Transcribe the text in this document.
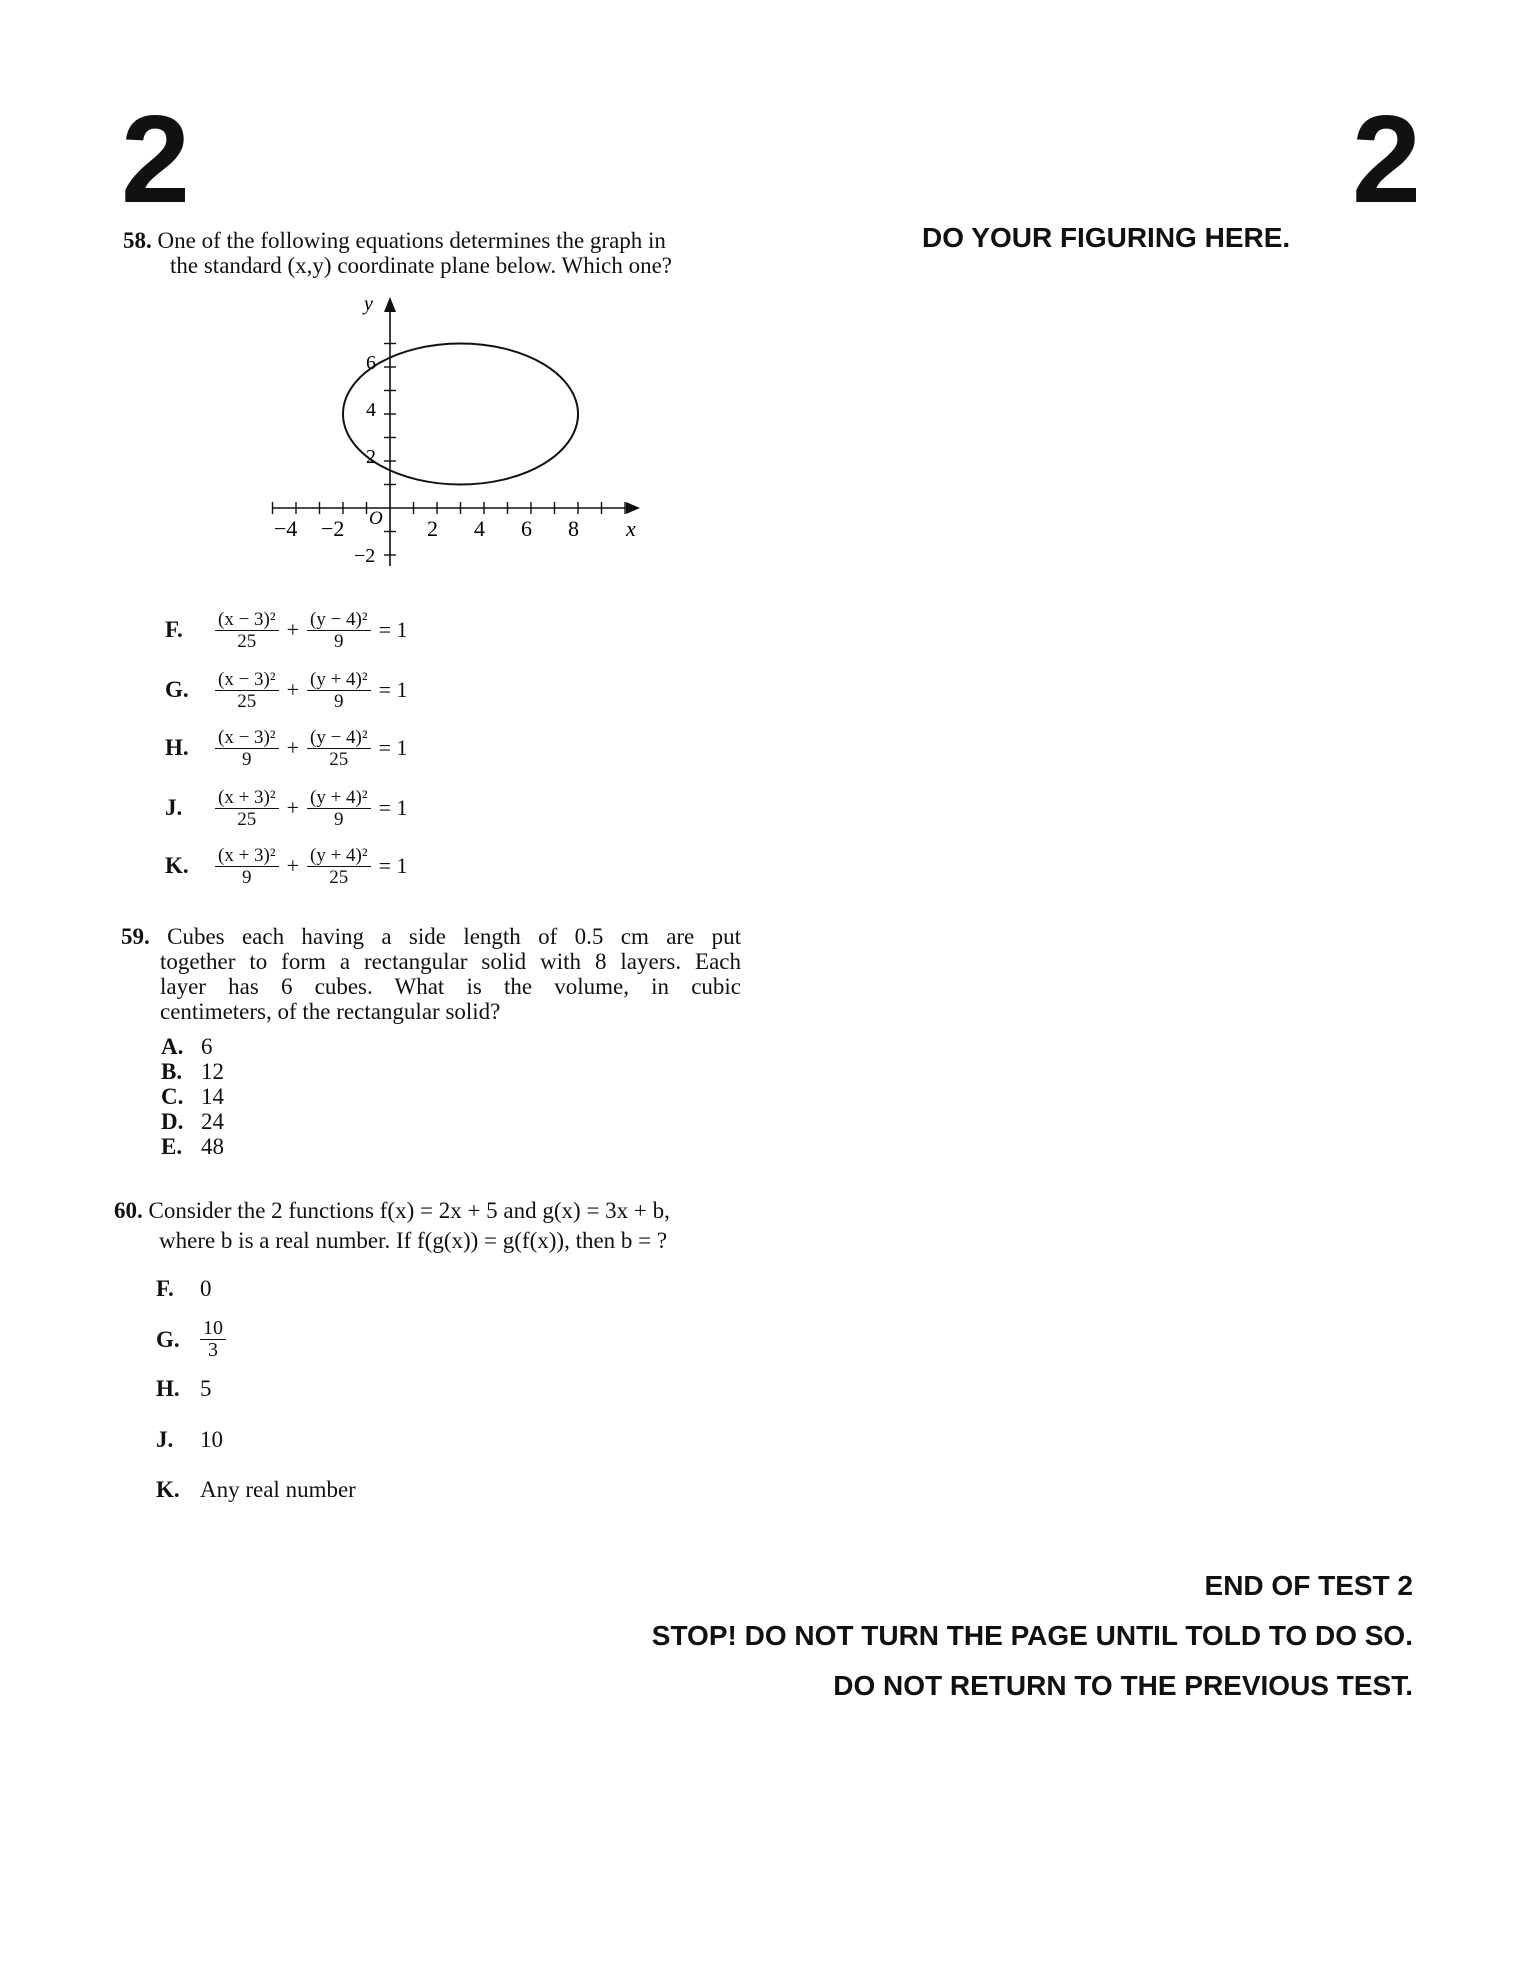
2	2
DO YOUR FIGURING HERE.
58. One of the following equations determines the graph in
the standard (x,y) coordinate plane below. Which one?
y
x
O
−4 −2	2 4 6 8
6
4
2
−2
F.	$\frac{\text{(x − 3)²}}{25} + \frac{\text{(y − 4)²}}{9} = 1$
G.	$\frac{\text{(x − 3)²}}{25} + \frac{\text{(y + 4)²}}{9} = 1$
H.	$\frac{\text{(x − 3)²}}{9} + \frac{\text{(y − 4)²}}{25} = 1$
J.	$\frac{\text{(x + 3)²}}{25} + \frac{\text{(y + 4)²}}{9} = 1$
K.	$\frac{\text{(x + 3)²}}{9} + \frac{\text{(y + 4)²}}{25} = 1$
59. Cubes each having a side length of 0.5 cm are put
together to form a rectangular solid with 8 layers. Each
layer has 6 cubes. What is the volume, in cubic
centimeters, of the rectangular solid?
A. 6
B. 12
C. 14
D. 24
E. 48
60. Consider the 2 functions f(x) = 2x + 5 and g(x) = 3x + b,
where b is a real number. If f(g(x)) = g(f(x)), then b = ?
F. 0
G.	$\frac{10}{3}$
H. 5
J. 10
K. Any real number
END OF TEST 2
STOP! DO NOT TURN THE PAGE UNTIL TOLD TO DO SO.
DO NOT RETURN TO THE PREVIOUS TEST.
